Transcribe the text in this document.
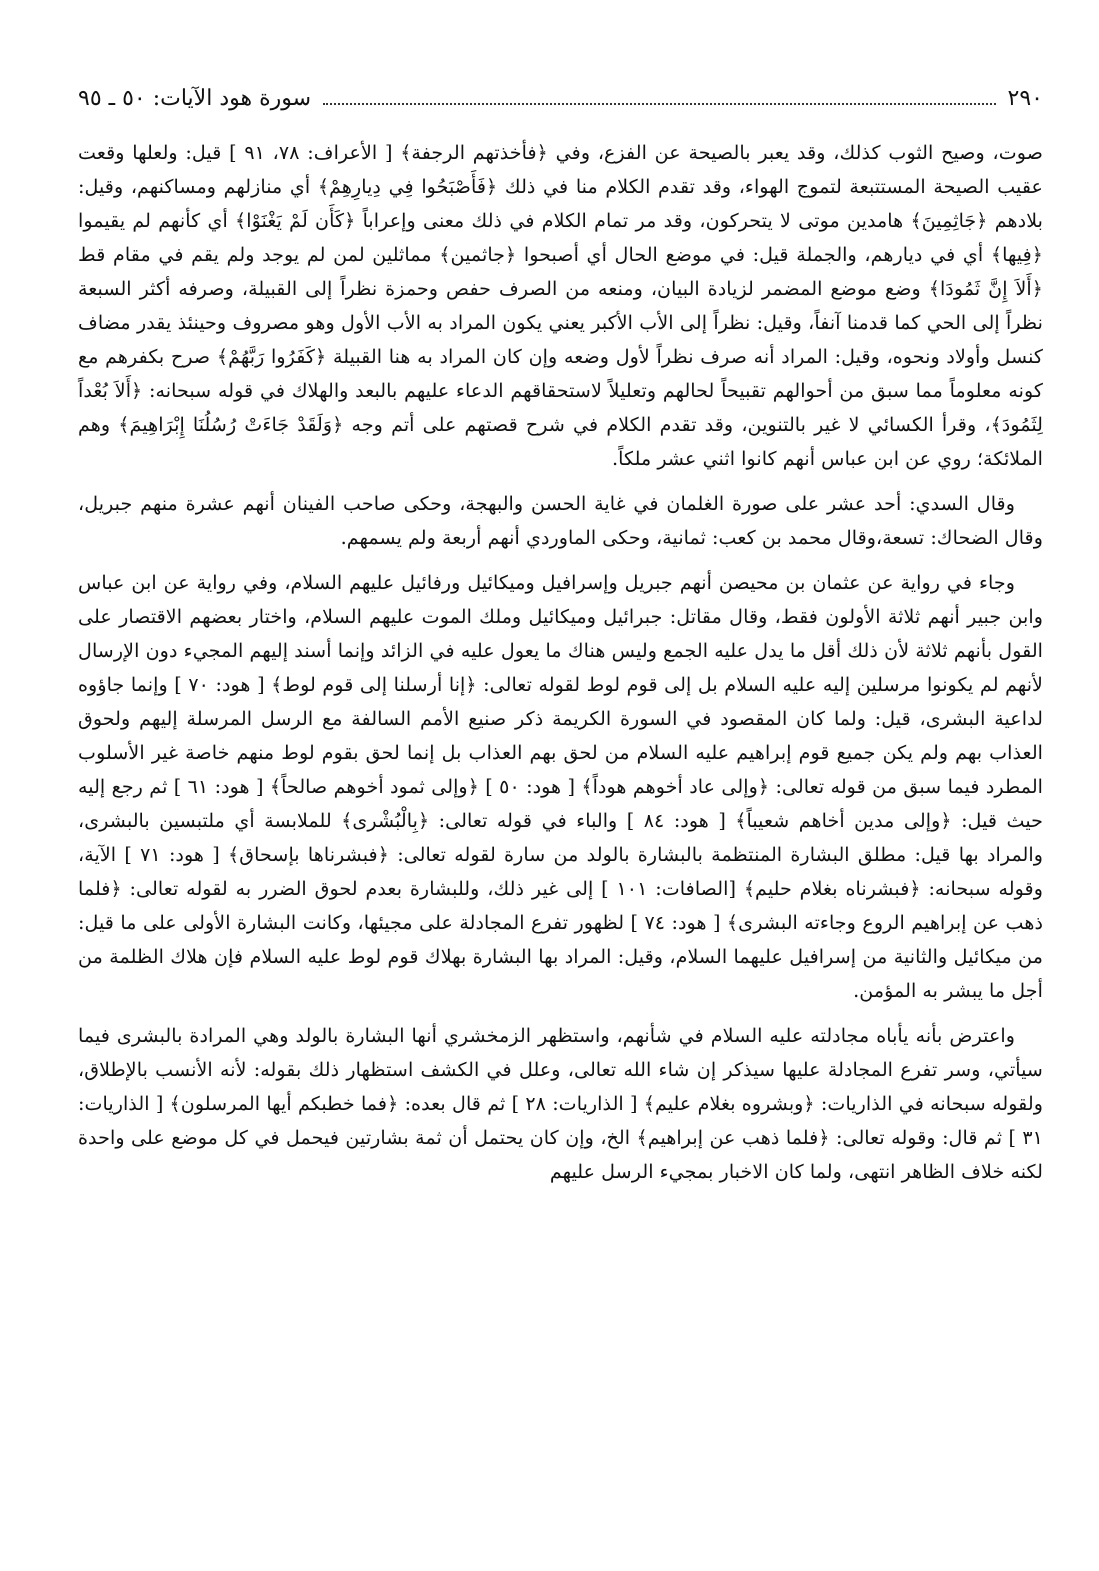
٢٩٠
سورة هود الآيات: ٥٠ ـ ٩٥

صوت، وصيح الثوب كذلك، وقد يعبر بالصيحة عن الفزع، وفي ﴿فأخذتهم الرجفة﴾ [ الأعراف: ٧٨، ٩١ ] قيل: ولعلها وقعت عقيب الصيحة المستتبعة لتموج الهواء، وقد تقدم الكلام منا في ذلك ﴿فَأَصْبَحُوا فِي دِيارِهِمْ﴾ أي منازلهم ومساكنهم، وقيل: بلادهم ﴿جَاثِمِينَ﴾ هامدين موتى لا يتحركون، وقد مر تمام الكلام في ذلك معنى وإعراباً ﴿كَأَن لَمْ يَغْنَوْا﴾ أي كأنهم لم يقيموا ﴿فِيها﴾ أي في ديارهم، والجملة قيل: في موضع الحال أي أصبحوا ﴿جاثمين﴾ مماثلين لمن لم يوجد ولم يقم في مقام قط ﴿أَلاَ إِنَّ ثَمُودَا﴾ وضع موضع المضمر لزيادة البيان، ومنعه من الصرف حفص وحمزة نظراً إلى القبيلة، وصرفه أكثر السبعة نظراً إلى الحي كما قدمنا آنفاً، وقيل: نظراً إلى الأب الأكبر يعني يكون المراد به الأب الأول وهو مصروف وحينئذ يقدر مضاف كنسل وأولاد ونحوه، وقيل: المراد أنه صرف نظراً لأول وضعه وإن كان المراد به هنا القبيلة ﴿كَفَرُوا رَبَّهُمْ﴾ صرح بكفرهم مع كونه معلوماً مما سبق من أحوالهم تقبيحاً لحالهم وتعليلاً لاستحقاقهم الدعاء عليهم بالبعد والهلاك في قوله سبحانه: ﴿أَلاَ بُعْداً لِثَمُودَ﴾، وقرأ الكسائي لا غير بالتنوين، وقد تقدم الكلام في شرح قصتهم على أتم وجه ﴿وَلَقَدْ جَاءَتْ رُسُلُنَا إِبْرَاهِيمَ﴾ وهم الملائكة؛ روي عن ابن عباس أنهم كانوا اثني عشر ملكاً.

وقال السدي: أحد عشر على صورة الغلمان في غاية الحسن والبهجة، وحكى صاحب الفينان أنهم عشرة منهم جبريل، وقال الضحاك: تسعة،وقال محمد بن كعب: ثمانية، وحكى الماوردي أنهم أربعة ولم يسمهم.

وجاء في رواية عن عثمان بن محيصن أنهم جبريل وإسرافيل وميكائيل ورفائيل عليهم السلام، وفي رواية عن ابن عباس وابن جبير أنهم ثلاثة الأولون فقط، وقال مقاتل: جبرائيل وميكائيل وملك الموت عليهم السلام، واختار بعضهم الاقتصار على القول بأنهم ثلاثة لأن ذلك أقل ما يدل عليه الجمع وليس هناك ما يعول عليه في الزائد وإنما أسند إليهم المجيء دون الإرسال لأنهم لم يكونوا مرسلين إليه عليه السلام بل إلى قوم لوط لقوله تعالى: ﴿إنا أرسلنا إلى قوم لوط﴾ [ هود: ٧٠ ] وإنما جاؤوه لداعية البشرى، قيل: ولما كان المقصود في السورة الكريمة ذكر صنيع الأمم السالفة مع الرسل المرسلة إليهم ولحوق العذاب بهم ولم يكن جميع قوم إبراهيم عليه السلام من لحق بهم العذاب بل إنما لحق بقوم لوط منهم خاصة غير الأسلوب المطرد فيما سبق من قوله تعالى: ﴿وإلى عاد أخوهم هوداً﴾ [ هود: ٥٠ ] ﴿وإلى ثمود أخوهم صالحاً﴾ [ هود: ٦١ ] ثم رجع إليه حيث قيل: ﴿وإلى مدين أخاهم شعيباً﴾ [ هود: ٨٤ ] والباء في قوله تعالى: ﴿بِالْبُشْرى﴾ للملابسة أي ملتبسين بالبشرى، والمراد بها قيل: مطلق البشارة المنتظمة بالبشارة بالولد من سارة لقوله تعالى: ﴿فبشرناها بإسحاق﴾ [ هود: ٧١ ] الآية، وقوله سبحانه: ﴿فبشرناه بغلام حليم﴾ [الصافات: ١٠١ ] إلى غير ذلك، وللبشارة بعدم لحوق الضرر به لقوله تعالى: ﴿فلما ذهب عن إبراهيم الروع وجاءته البشرى﴾ [ هود: ٧٤ ] لظهور تفرع المجادلة على مجيئها، وكانت البشارة الأولى على ما قيل: من ميكائيل والثانية من إسرافيل عليهما السلام، وقيل: المراد بها البشارة بهلاك قوم لوط عليه السلام فإن هلاك الظلمة من أجل ما يبشر به المؤمن.

واعترض بأنه يأباه مجادلته عليه السلام في شأنهم، واستظهر الزمخشري أنها البشارة بالولد وهي المرادة بالبشرى فيما سيأتي، وسر تفرع المجادلة عليها سيذكر إن شاء الله تعالى، وعلل في الكشف استظهار ذلك بقوله: لأنه الأنسب بالإطلاق، ولقوله سبحانه في الذاريات: ﴿وبشروه بغلام عليم﴾ [ الذاريات: ٢٨ ] ثم قال بعده: ﴿فما خطبكم أيها المرسلون﴾ [ الذاريات: ٣١ ] ثم قال: وقوله تعالى: ﴿فلما ذهب عن إبراهيم﴾ الخ، وإن كان يحتمل أن ثمة بشارتين فيحمل في كل موضع على واحدة لكنه خلاف الظاهر انتهى، ولما كان الاخبار بمجيء الرسل عليهم
